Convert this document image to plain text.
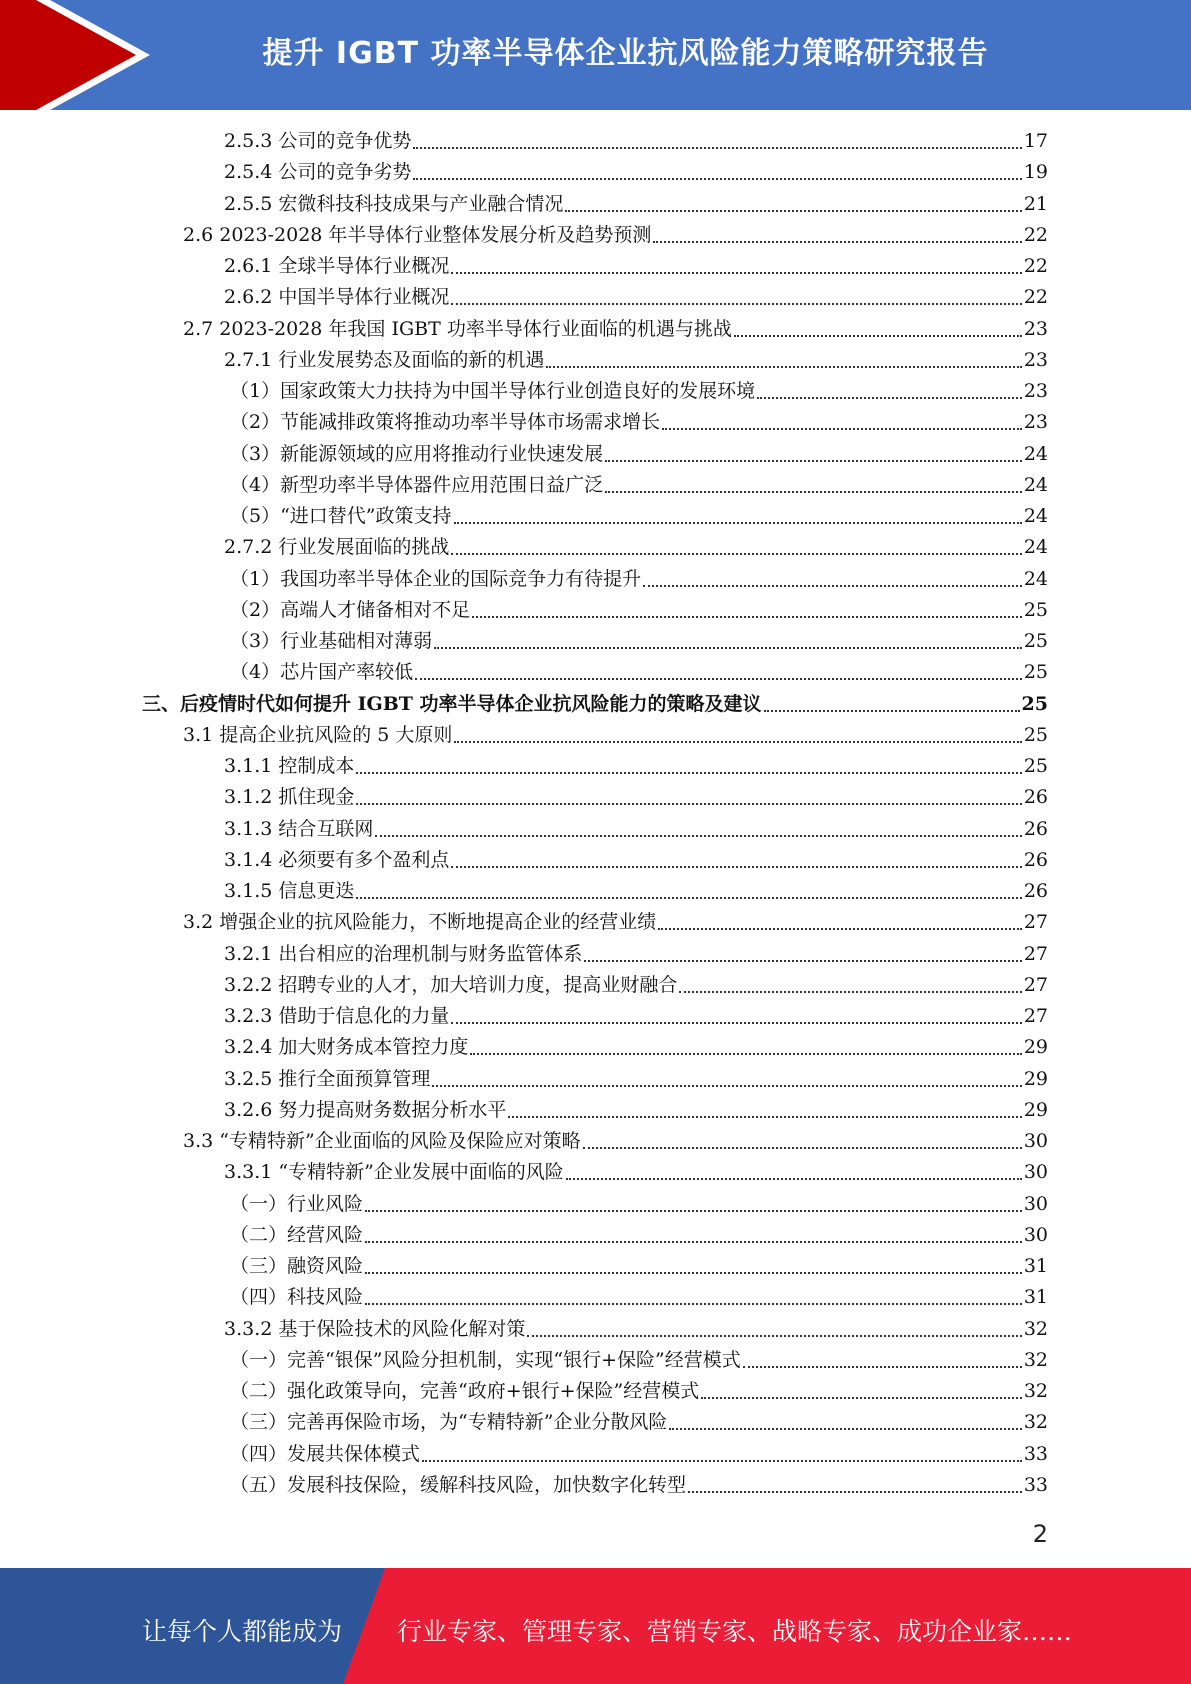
提升 IGBT 功率半导体企业抗风险能力策略研究报告
2.5.3 公司的竞争优势	17
2.5.4 公司的竞争劣势	19
2.5.5 宏微科技科技成果与产业融合情况	21
2.6 2023-2028 年半导体行业整体发展分析及趋势预测	22
2.6.1 全球半导体行业概况	22
2.6.2 中国半导体行业概况	22
2.7 2023-2028 年我国 IGBT 功率半导体行业面临的机遇与挑战	23
2.7.1 行业发展势态及面临的新的机遇	23
（1）国家政策大力扶持为中国半导体行业创造良好的发展环境	23
（2）节能减排政策将推动功率半导体市场需求增长	23
（3）新能源领域的应用将推动行业快速发展	24
（4）新型功率半导体器件应用范围日益广泛	24
（5）“进口替代”政策支持	24
2.7.2 行业发展面临的挑战	24
（1）我国功率半导体企业的国际竞争力有待提升	24
（2）高端人才储备相对不足	25
（3）行业基础相对薄弱	25
（4）芯片国产率较低	25
三、后疫情时代如何提升 IGBT 功率半导体企业抗风险能力的策略及建议	25
3.1 提高企业抗风险的 5 大原则	25
3.1.1 控制成本	25
3.1.2 抓住现金	26
3.1.3 结合互联网	26
3.1.4 必须要有多个盈利点	26
3.1.5 信息更迭	26
3.2 增强企业的抗风险能力，不断地提高企业的经营业绩	27
3.2.1 出台相应的治理机制与财务监管体系	27
3.2.2 招聘专业的人才，加大培训力度，提高业财融合	27
3.2.3 借助于信息化的力量	27
3.2.4 加大财务成本管控力度	29
3.2.5 推行全面预算管理	29
3.2.6 努力提高财务数据分析水平	29
3.3 “专精特新”企业面临的风险及保险应对策略	30
3.3.1 “专精特新”企业发展中面临的风险	30
（一）行业风险	30
（二）经营风险	30
（三）融资风险	31
（四）科技风险	31
3.3.2 基于保险技术的风险化解对策	32
（一）完善“银保”风险分担机制，实现“银行+保险”经营模式	32
（二）强化政策导向，完善“政府+银行+保险”经营模式	32
（三）完善再保险市场，为“专精特新”企业分散风险	32
（四）发展共保体模式	33
（五）发展科技保险，缓解科技风险，加快数字化转型	33
2
让每个人都能成为 行业专家、管理专家、营销专家、战略专家、成功企业家……
